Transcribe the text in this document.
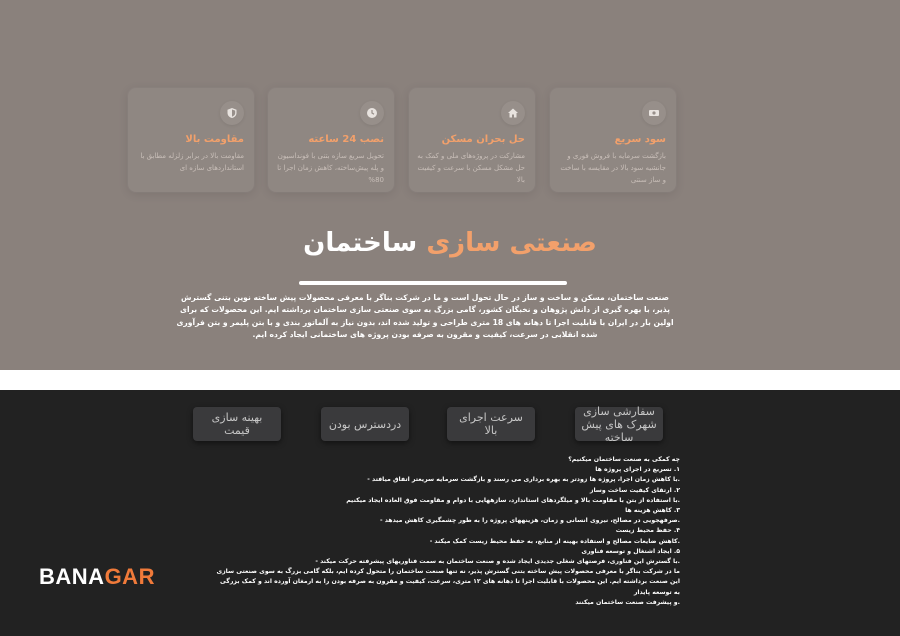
سود سریع
بازگشت سرمایه با فروش فوری و جانشیه سود بالا در مقایسه با ساخت و ساز سنتی
حل بحران مسکن
مشارکت در پروژه‌های ملی و کمک به حل مشکل مسکن با سرعت و کیفیت بالا
نصب 24 ساعته
تحویل سریع سازه بتنی با فونداسیون و پله پیش‌ساخته، کاهش زمان اجرا تا 80%
مقاومت بالا
مقاومت بالا در برابر زلزله مطابق با استانداردهای سازه ای
صنعتی سازی ساختمان
صنعت ساختمان، مسکن و ساخت و ساز در حال تحول است و ما در شرکت بناگر با معرفی محصولات پیش ساخته نوین بتنی گسترش پذیر، با بهره گیری از دانش پژوهان و نخبگان کشور، گامی بزرگ به سوی صنعتی سازی ساختمان برداشته ایم. این محصولات که برای اولین بار در ایران با قابلیت اجرا تا دهانه های 18 متری طراحی و تولید شده اند، بدون نیاز به آلماتور بندی و با بتن پلیمر و بتن فرآوری شده انقلابی در سرعت، کیفیت و مقرون به صرفه بودن پروژه های ساختمانی ایجاد کرده ایم.
سفارشی سازی شهرک های پیش ساخته
سرعت اجرای بالا
دردسترس بودن
بهینه سازی قیمت
چه کمکی به صنعت ساختمان میکنیم؟
۱. تسریع در اجرای پروژه ها
.با کاهش زمان اجرا، پروژه ها زودتر به بهره برداری می رسند و بازگشت سرمایه سریعتر اتفاق میافتد -
۲. ارتقای کیفیت ساخت وساز
.با استفاده از بتن با مقاومت بالا و میلگردهای استاندارد، سازههایی با دوام و مقاومت فوق العاده ایجاد میکنیم
۳. کاهش هزینه ها
.صرفهجویی در مصالح، نیروی انسانی و زمان، هزینههای پروژه را به طور چشمگیری کاهش میدهد -
۴. حفظ محیط زیست
.کاهش ضایعات مصالح و استفاده بهینه از منابع، به حفظ محیط زیست کمک میکند -
۵. ایجاد اشتغال و توسعه فناوری
.با گسترش این فناوری، فرصتهای شغلی جدیدی ایجاد شده و صنعت ساختمان به سمت فناوریهای پیشرفته حرکت میکند -
ما در شرکت بناگر با معرفی محصولات پیش ساخته بتنی گسترش پذیر، نه تنها صنعت ساختمان را متحول کرده ایم، بلکه گامی بزرگ به سوی صنعتی سازی این صنعت برداشته ایم. این محصولات با قابلیت اجرا تا دهانه های ۱۲ متری، سرعت، کیفیت و مقرون به صرفه بودن را به ارمغان آورده اند و کمک بزرگی به توسعه پایدار
.و پیشرفت صنعت ساختمان میکنند
BANAGAR
